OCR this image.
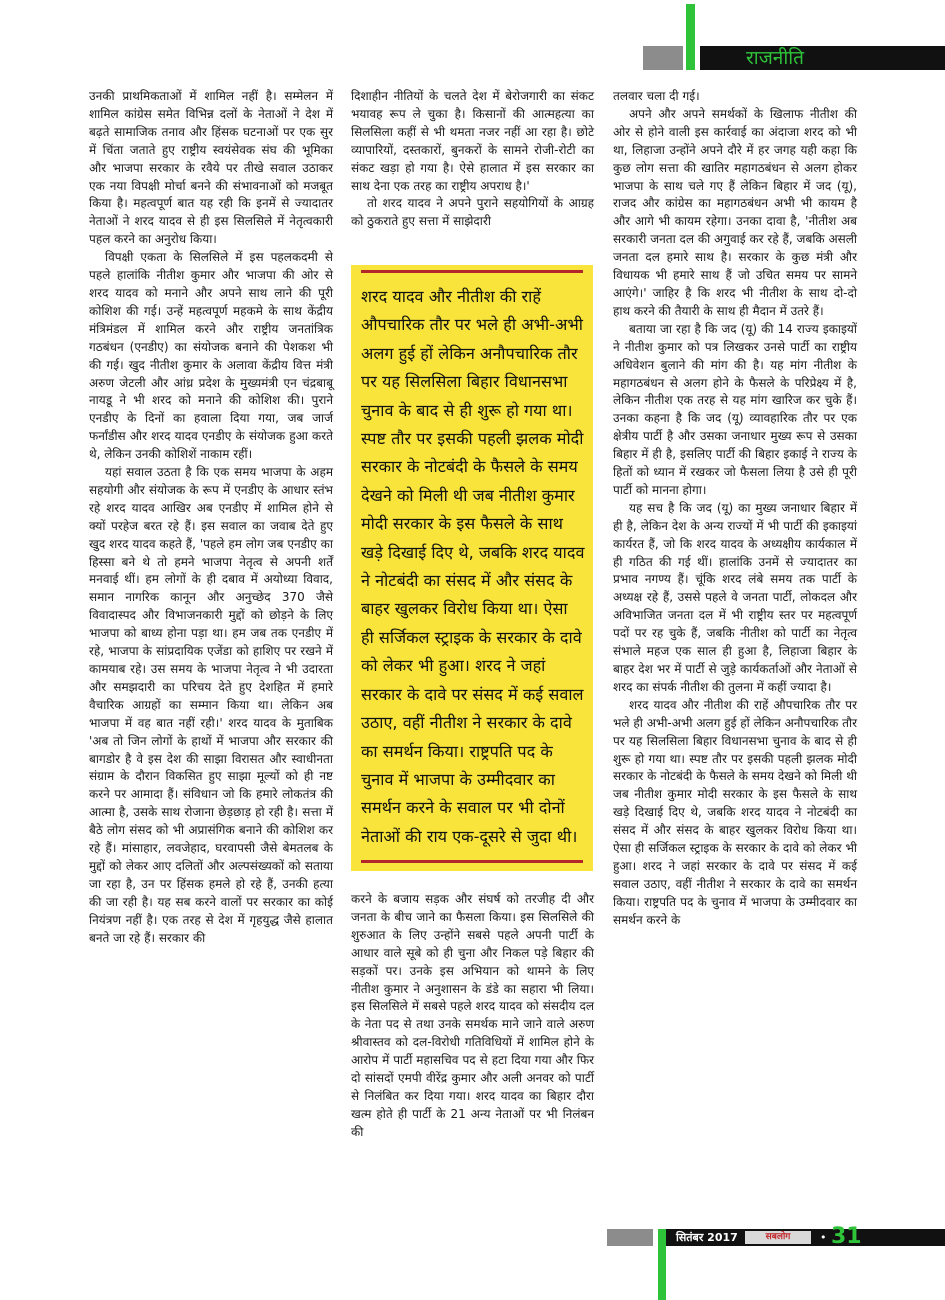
राजनीति

उनकी प्राथमिकताओं में शामिल नहीं है। सम्मेलन में शामिल कांग्रेस समेत विभिन्न दलों के नेताओं ने देश में बढ़ते सामाजिक तनाव और हिंसक घटनाओं पर एक सुर में चिंता जताते हुए राष्ट्रीय स्वयंसेवक संघ की भूमिका और भाजपा सरकार के रवैये पर तीखे सवाल उठाकर एक नया विपक्षी मोर्चा बनने की संभावनाओं को मजबूत किया है। महत्वपूर्ण बात यह रही कि इनमें से ज्यादातर नेताओं ने शरद यादव से ही इस सिलसिले में नेतृत्वकारी पहल करने का अनुरोध किया।

विपक्षी एकता के सिलसिले में इस पहलकदमी से पहले हालांकि नीतीश कुमार और भाजपा की ओर से शरद यादव को मनाने और अपने साथ लाने की पूरी कोशिश की गई। उन्हें महत्वपूर्ण महकमे के साथ केंद्रीय मंत्रिमंडल में शामिल करने और राष्ट्रीय जनतांत्रिक गठबंधन (एनडीए) का संयोजक बनाने की पेशकश भी की गई। खुद नीतीश कुमार के अलावा केंद्रीय वित्त मंत्री अरुण जेटली और आंध्र प्रदेश के मुख्यमंत्री एन चंद्रबाबू नायडू ने भी शरद को मनाने की कोशिश की। पुराने एनडीए के दिनों का हवाला दिया गया, जब जार्ज फर्नांडीस और शरद यादव एनडीए के संयोजक हुआ करते थे, लेकिन उनकी कोशिशें नाकाम रहीं।

यहां सवाल उठता है कि एक समय भाजपा के अहम सहयोगी और संयोजक के रूप में एनडीए के आधार स्तंभ रहे शरद यादव आखिर अब एनडीए में शामिल होने से क्यों परहेज बरत रहे हैं। इस सवाल का जवाब देते हुए खुद शरद यादव कहते हैं, 'पहले हम लोग जब एनडीए का हिस्सा बने थे तो हमने भाजपा नेतृत्व से अपनी शर्तें मनवाई थीं। हम लोगों के ही दबाव में अयोध्या विवाद, समान नागरिक कानून और अनुच्छेद 370 जैसे विवादास्पद और विभाजनकारी मुद्दों को छोड़ने के लिए भाजपा को बाध्य होना पड़ा था। हम जब तक एनडीए में रहे, भाजपा के सांप्रदायिक एजेंडा को हाशिए पर रखने में कामयाब रहे। उस समय के भाजपा नेतृत्व ने भी उदारता और समझदारी का परिचय देते हुए देशहित में हमारे वैचारिक आग्रहों का सम्मान किया था। लेकिन अब भाजपा में वह बात नहीं रही।' शरद यादव के मुताबिक 'अब तो जिन लोगों के हाथों में भाजपा और सरकार की बागडोर है वे इस देश की साझा विरासत और स्वाधीनता संग्राम के दौरान विकसित हुए साझा मूल्यों को ही नष्ट करने पर आमादा हैं। संविधान जो कि हमारे लोकतंत्र की आत्मा है, उसके साथ रोजाना छेड़छाड़ हो रही है। सत्ता में बैठे लोग संसद को भी अप्रासंगिक बनाने की कोशिश कर रहे हैं। मांसाहार, लवजेहाद, घरवापसी जैसे बेमतलब के मुद्दों को लेकर आए दलितों और अल्पसंख्यकों को सताया जा रहा है, उन पर हिंसक हमले हो रहे हैं, उनकी हत्या की जा रही है। यह सब करने वालों पर सरकार का कोई नियंत्रण नहीं है। एक तरह से देश में गृहयुद्ध जैसे हालात बनते जा रहे हैं। सरकार की

दिशाहीन नीतियों के चलते देश में बेरोजगारी का संकट भयावह रूप ले चुका है। किसानों की आत्महत्या का सिलसिला कहीं से भी थमता नजर नहीं आ रहा है। छोटे व्यापारियों, दस्तकारों, बुनकरों के सामने रोजी-रोटी का संकट खड़ा हो गया है। ऐसे हालात में इस सरकार का साथ देना एक तरह का राष्ट्रीय अपराध है।'

तो शरद यादव ने अपने पुराने सहयोगियों के आग्रह को ठुकराते हुए सत्ता में साझेदारी

शरद यादव और नीतीश की राहें औपचारिक तौर पर भले ही अभी-अभी अलग हुई हों लेकिन अनौपचारिक तौर पर यह सिलसिला बिहार विधानसभा चुनाव के बाद से ही शुरू हो गया था। स्पष्ट तौर पर इसकी पहली झलक मोदी सरकार के नोटबंदी के फैसले के समय देखने को मिली थी जब नीतीश कुमार मोदी सरकार के इस फैसले के साथ खड़े दिखाई दिए थे, जबकि शरद यादव ने नोटबंदी का संसद में और संसद के बाहर खुलकर विरोध किया था। ऐसा ही सर्जिकल स्ट्राइक के सरकार के दावे को लेकर भी हुआ। शरद ने जहां सरकार के दावे पर संसद में कई सवाल उठाए, वहीं नीतीश ने सरकार के दावे का समर्थन किया। राष्ट्रपति पद के चुनाव में भाजपा के उम्मीदवार का समर्थन करने के सवाल पर भी दोनों नेताओं की राय एक-दूसरे से जुदा थी।

करने के बजाय सड़क और संघर्ष को तरजीह दी और जनता के बीच जाने का फैसला किया। इस सिलसिले की शुरुआत के लिए उन्होंने सबसे पहले अपनी पार्टी के आधार वाले सूबे को ही चुना और निकल पड़े बिहार की सड़कों पर। उनके इस अभियान को थामने के लिए नीतीश कुमार ने अनुशासन के डंडे का सहारा भी लिया। इस सिलसिले में सबसे पहले शरद यादव को संसदीय दल के नेता पद से तथा उनके समर्थक माने जाने वाले अरुण श्रीवास्तव को दल-विरोधी गतिविधियों में शामिल होने के आरोप में पार्टी महासचिव पद से हटा दिया गया और फिर दो सांसदों एमपी वीरेंद्र कुमार और अली अनवर को पार्टी से निलंबित कर दिया गया। शरद यादव का बिहार दौरा खत्म होते ही पार्टी के 21 अन्य नेताओं पर भी निलंबन की

तलवार चला दी गई।

अपने और अपने समर्थकों के खिलाफ नीतीश की ओर से होने वाली इस कार्रवाई का अंदाजा शरद को भी था, लिहाजा उन्होंने अपने दौरे में हर जगह यही कहा कि कुछ लोग सत्ता की खातिर महागठबंधन से अलग होकर भाजपा के साथ चले गए हैं लेकिन बिहार में जद (यू), राजद और कांग्रेस का महागठबंधन अभी भी कायम है और आगे भी कायम रहेगा। उनका दावा है, 'नीतीश अब सरकारी जनता दल की अगुवाई कर रहे हैं, जबकि असली जनता दल हमारे साथ है। सरकार के कुछ मंत्री और विधायक भी हमारे साथ हैं जो उचित समय पर सामने आएंगे।' जाहिर है कि शरद भी नीतीश के साथ दो-दो हाथ करने की तैयारी के साथ ही मैदान में उतरे हैं।

बताया जा रहा है कि जद (यू) की 14 राज्य इकाइयों ने नीतीश कुमार को पत्र लिखकर उनसे पार्टी का राष्ट्रीय अधिवेशन बुलाने की मांग की है। यह मांग नीतीश के महागठबंधन से अलग होने के फैसले के परिप्रेक्ष्य में है, लेकिन नीतीश एक तरह से यह मांग खारिज कर चुके हैं। उनका कहना है कि जद (यू) व्यावहारिक तौर पर एक क्षेत्रीय पार्टी है और उसका जनाधार मुख्य रूप से उसका बिहार में ही है, इसलिए पार्टी की बिहार इकाई ने राज्य के हितों को ध्यान में रखकर जो फैसला लिया है उसे ही पूरी पार्टी को मानना होगा।

यह सच है कि जद (यू) का मुख्य जनाधार बिहार में ही है, लेकिन देश के अन्य राज्यों में भी पार्टी की इकाइयां कार्यरत हैं, जो कि शरद यादव के अध्यक्षीय कार्यकाल में ही गठित की गई थीं। हालांकि उनमें से ज्यादातर का प्रभाव नगण्य हैं। चूंकि शरद लंबे समय तक पार्टी के अध्यक्ष रहे हैं, उससे पहले वे जनता पार्टी, लोकदल और अविभाजित जनता दल में भी राष्ट्रीय स्तर पर महत्वपूर्ण पदों पर रह चुके हैं, जबकि नीतीश को पार्टी का नेतृत्व संभाले महज एक साल ही हुआ है, लिहाजा बिहार के बाहर देश भर में पार्टी से जुड़े कार्यकर्ताओं और नेताओं से शरद का संपर्क नीतीश की तुलना में कहीं ज्यादा है।

शरद यादव और नीतीश की राहें औपचारिक तौर पर भले ही अभी-अभी अलग हुई हों लेकिन अनौपचारिक तौर पर यह सिलसिला बिहार विधानसभा चुनाव के बाद से ही शुरू हो गया था। स्पष्ट तौर पर इसकी पहली झलक मोदी सरकार के नोटबंदी के फैसले के समय देखने को मिली थी जब नीतीश कुमार मोदी सरकार के इस फैसले के साथ खड़े दिखाई दिए थे, जबकि शरद यादव ने नोटबंदी का संसद में और संसद के बाहर खुलकर विरोध किया था। ऐसा ही सर्जिकल स्ट्राइक के सरकार के दावे को लेकर भी हुआ। शरद ने जहां सरकार के दावे पर संसद में कई सवाल उठाए, वहीं नीतीश ने सरकार के दावे का समर्थन किया। राष्ट्रपति पद के चुनाव में भाजपा के उम्मीदवार का समर्थन करने के

सितंबर 2017	सबलोग	• 31
